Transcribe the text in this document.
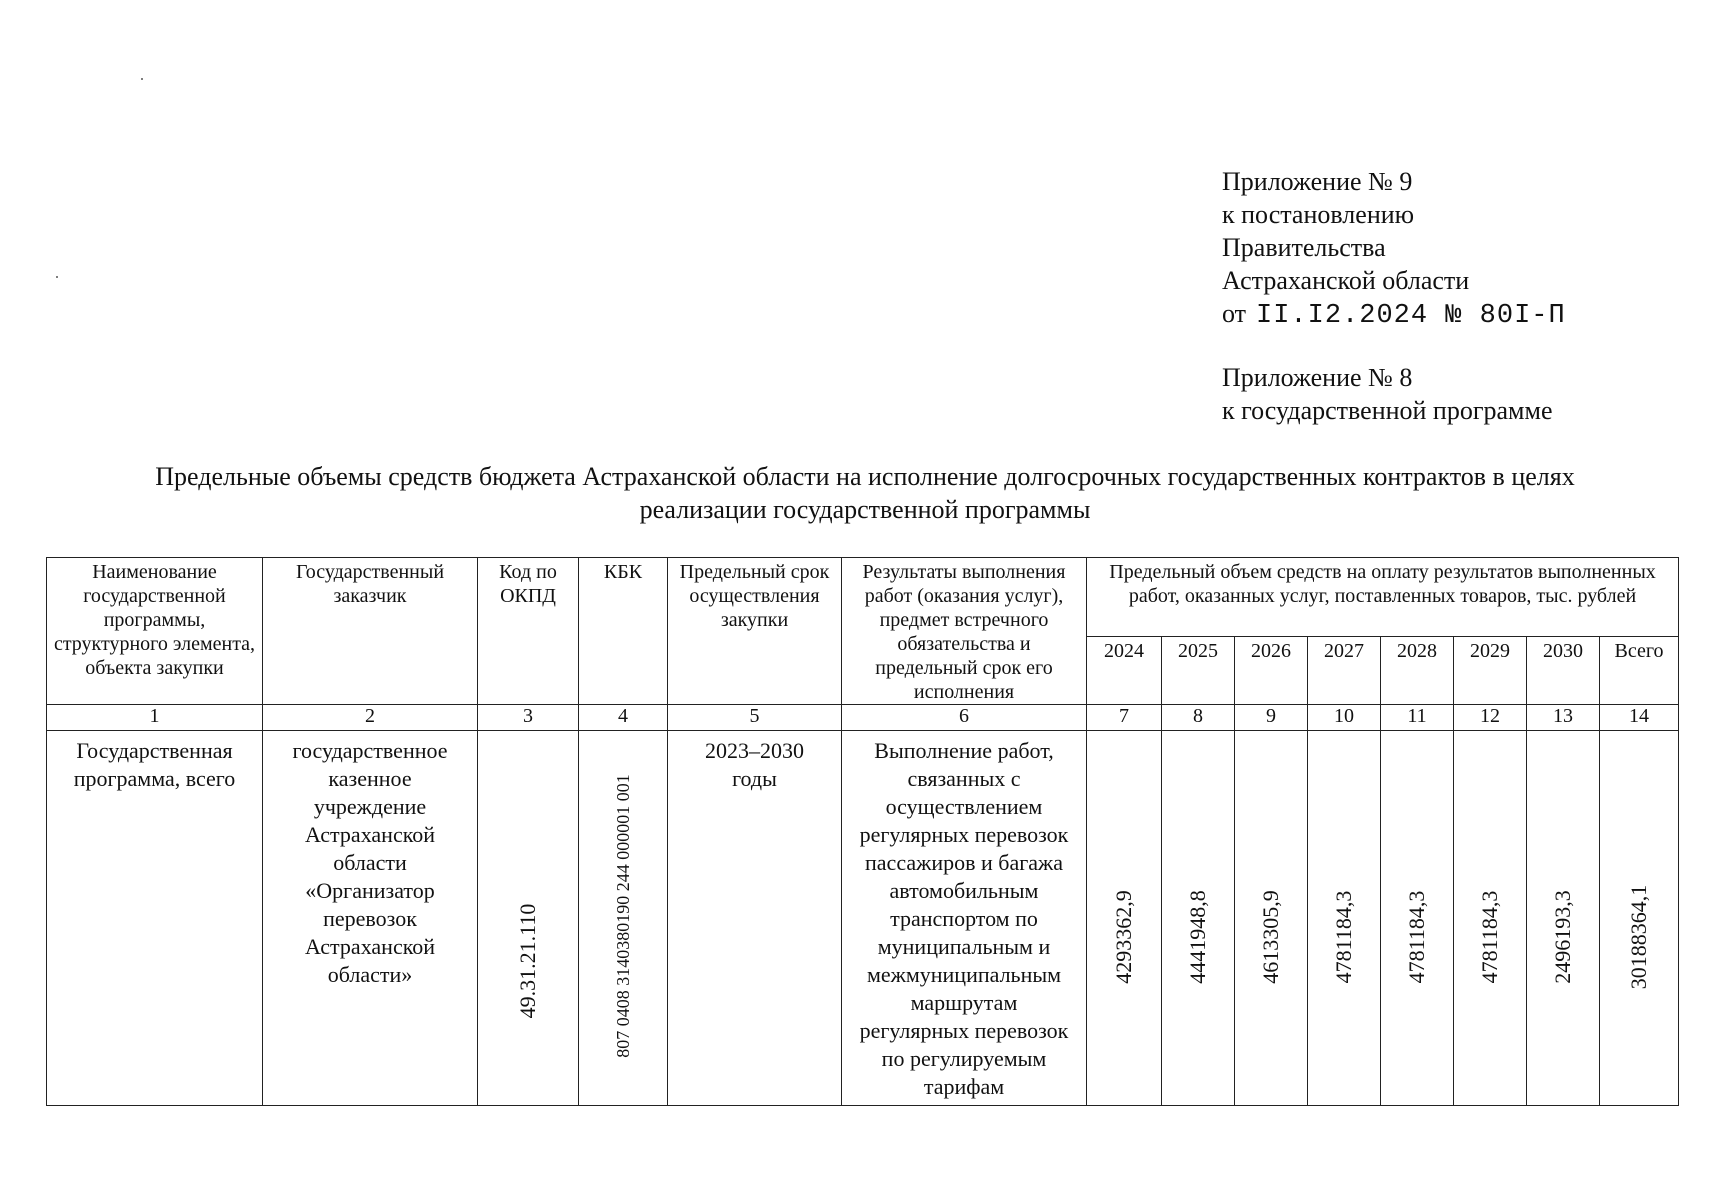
Приложение № 9
к постановлению
Правительства
Астраханской области
от II.I2.2024 № 80I-П
Приложение № 8
к государственной программе
Предельные объемы средств бюджета Астраханской области на исполнение долгосрочных государственных контрактов в целях
реализации государственной программы
Наименование государственной программы, структурного элемента, объекта закупки	Государственный заказчик	Код по ОКПД	КБК	Предельный срок осуществления закупки	Результаты выполнения работ (оказания услуг), предмет встречного обязательства и предельный срок его исполнения	Предельный объем средств на оплату результатов выполненных работ, оказанных услуг, поставленных товаров, тыс. рублей							
						2024	2025	2026	2027	2028	2029	2030	Всего
1	2	3	4	5	6	7	8	9	10	11	12	13	14
Государственная программа, всего	государственное казенное учреждение Астраханской области «Организатор перевозок Астраханской области»	49.31.21.110	807 0408 3140380190 244 000001 001	2023–2030 годы	Выполнение работ, связанных с осуществлением регулярных перевозок пассажиров и багажа автомобильным транспортом по муниципальным и межмуниципальным маршрутам регулярных перевозок по регулируемым тарифам	4293362,9	4441948,8	4613305,9	4781184,3	4781184,3	4781184,3	2496193,3	30188364,1
